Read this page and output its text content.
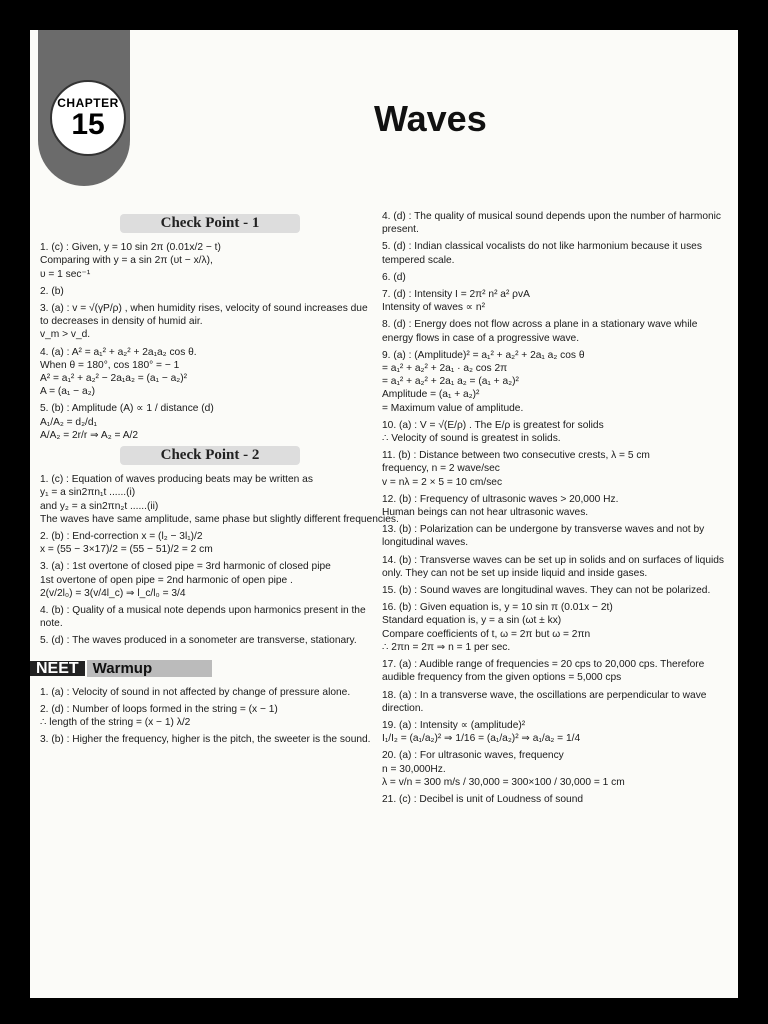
CHAPTER
15	Waves
Check Point - 1
1. (c) : Given, y = 10 sin 2π (0.01x/2 − t)
Comparing with y = a sin 2π (υt − x/λ),
υ = 1 sec⁻¹
2. (b)
3. (a) : v = √(γP/ρ) , when humidity rises, velocity of sound increases due
to decreases in density of humid air.
v_m > v_d.
4. (a) : A² = a₁² + a₂² + 2a₁a₂ cos θ.
When θ = 180°, cos 180° = − 1
A² = a₁² + a₂² − 2a₁a₂ = (a₁ − a₂)²
A = (a₁ − a₂)
5. (b) : Amplitude (A) ∝ 1 / distance (d)
A₁/A₂ = d₂/d₁
A/A₂ = 2r/r ⇒ A₂ = A/2
Check Point - 2
1. (c) : Equation of waves producing beats may be written as
y₁ = a sin2πn₁t ......(i)
and y₂ = a sin2πn₂t ......(ii)
The waves have same amplitude, same phase but slightly different frequencies.
2. (b) : End-correction x = (l₂ − 3l₁)/2
x = (55 − 3×17)/2 = (55 − 51)/2 = 2 cm
3. (a) : 1st overtone of closed pipe = 3rd harmonic of closed pipe
1st overtone of open pipe = 2nd harmonic of open pipe .
2(v/2l₀) = 3(v/4l_c) ⇒ l_c/l₀ = 3/4
4. (b) : Quality of a musical note depends upon harmonics present in the
note.
5. (d) : The waves produced in a sonometer are transverse, stationary.
NEET Warmup
1. (a) : Velocity of sound in not affected by change of pressure alone.
2. (d) : Number of loops formed in the string = (x − 1)
∴ length of the string = (x − 1) λ/2
3. (b) : Higher the frequency, higher is the pitch, the sweeter is the sound.
4. (d) : The quality of musical sound depends upon the number of harmonic
present.
5. (d) : Indian classical vocalists do not like harmonium because it uses
tempered scale.
6. (d)
7. (d) : Intensity I = 2π² n² a² ρvA
Intensity of waves ∝ n²
8. (d) : Energy does not flow across a plane in a stationary wave while
energy flows in case of a progressive wave.
9. (a) : (Amplitude)² = a₁² + a₂² + 2a₁ a₂ cos θ
= a₁² + a₂² + 2a₁ · a₂ cos 2π
= a₁² + a₂² + 2a₁ a₂ = (a₁ + a₂)²
Amplitude = (a₁ + a₂)²
= Maximum value of amplitude.
10. (a) : V = √(E/ρ) . The E/ρ is greatest for solids
∴ Velocity of sound is greatest in solids.
11. (b) : Distance between two consecutive crests, λ = 5 cm
frequency, n = 2 wave/sec
v = nλ = 2 × 5 = 10 cm/sec
12. (b) : Frequency of ultrasonic waves > 20,000 Hz.
Human beings can not hear ultrasonic waves.
13. (b) : Polarization can be undergone by transverse waves and not by
longitudinal waves.
14. (b) : Transverse waves can be set up in solids and on surfaces of liquids
only. They can not be set up inside liquid and inside gases.
15. (b) : Sound waves are longitudinal waves. They can not be polarized.
16. (b) : Given equation is, y = 10 sin π (0.01x − 2t)
Standard equation is, y = a sin (ωt ± kx)
Compare coefficients of t, ω = 2π but ω = 2πn
∴ 2πn = 2π ⇒ n = 1 per sec.
17. (a) : Audible range of frequencies = 20 cps to 20,000 cps. Therefore
audible frequency from the given options = 5,000 cps
18. (a) : In a transverse wave, the oscillations are perpendicular to wave
direction.
19. (a) : Intensity ∝ (amplitude)²
I₁/I₂ = (a₁/a₂)² ⇒ 1/16 = (a₁/a₂)² ⇒ a₁/a₂ = 1/4
20. (a) : For ultrasonic waves, frequency
n = 30,000Hz.
λ = v/n = 300 m/s / 30,000 = 300×100 / 30,000 = 1 cm
21. (c) : Decibel is unit of Loudness of sound
